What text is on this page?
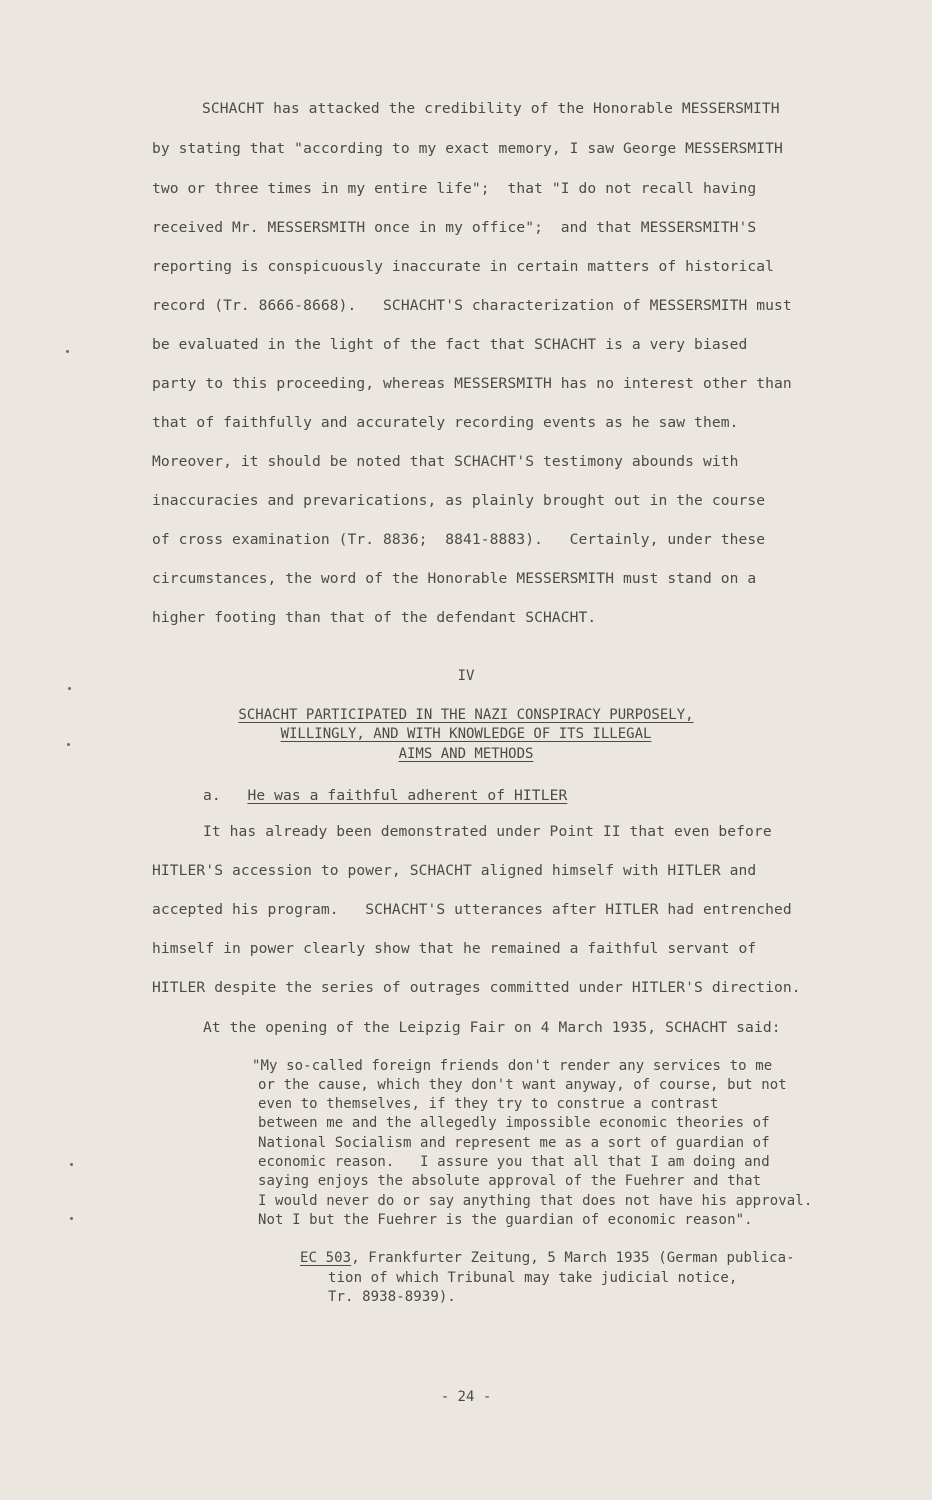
SCHACHT has attacked the credibility of the Honorable MESSERSMITH
by stating that "according to my exact memory, I saw George MESSERSMITH
two or three times in my entire life";  that "I do not recall having
received Mr. MESSERSMITH once in my office";  and that MESSERSMITH'S
reporting is conspicuously inaccurate in certain matters of historical
record (Tr. 8666-8668).   SCHACHT'S characterization of MESSERSMITH must
be evaluated in the light of the fact that SCHACHT is a very biased
party to this proceeding, whereas MESSERSMITH has no interest other than
that of faithfully and accurately recording events as he saw them.
Moreover, it should be noted that SCHACHT'S testimony abounds with
inaccuracies and prevarications, as plainly brought out in the course
of cross examination (Tr. 8836;  8841-8883).   Certainly, under these
circumstances, the word of the Honorable MESSERSMITH must stand on a
higher footing than that of the defendant SCHACHT.
IV
SCHACHT PARTICIPATED IN THE NAZI CONSPIRACY PURPOSELY,
WILLINGLY, AND WITH KNOWLEDGE OF ITS ILLEGAL
AIMS AND METHODS
a. He was a faithful adherent of HITLER
It has already been demonstrated under Point II that even before
HITLER'S accession to power, SCHACHT aligned himself with HITLER and
accepted his program.   SCHACHT'S utterances after HITLER had entrenched
himself in power clearly show that he remained a faithful servant of
HITLER despite the series of outrages committed under HITLER'S direction.
At the opening of the Leipzig Fair on 4 March 1935, SCHACHT said:
"My so-called foreign friends don't render any services to me
or the cause, which they don't want anyway, of course, but not
even to themselves, if they try to construe a contrast
between me and the allegedly impossible economic theories of
National Socialism and represent me as a sort of guardian of
economic reason.   I assure you that all that I am doing and
saying enjoys the absolute approval of the Fuehrer and that
I would never do or say anything that does not have his approval.
Not I but the Fuehrer is the guardian of economic reason".
EC 503, Frankfurter Zeitung, 5 March 1935 (German publica-
tion of which Tribunal may take judicial notice,
Tr. 8938-8939).
- 24 -
